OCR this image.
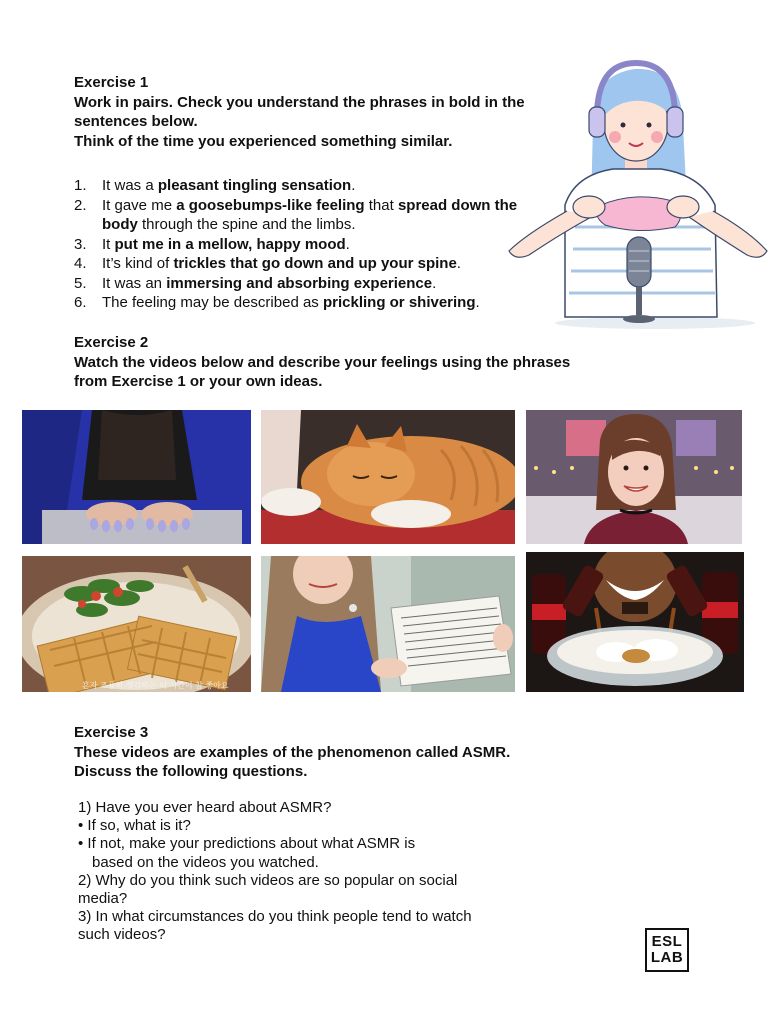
Exercise 1
Work in pairs. Check you understand the phrases in bold in the sentences below.
Think of the time you experienced something similar.
1. It was a pleasant tingling sensation.
2. It gave me a goosebumps-like feeling that spread down the body through the spine and the limbs.
3. It put me in a mellow, happy mood.
4. It’s kind of trickles that go down and up your spine.
5. It was an immersing and absorbing experience.
6. The feeling may be described as prickling or shivering.
Exercise 2
Watch the videos below and describe your feelings using the phrases from Exercise 1 or your own ideas.
혼자 조용히 생각하는 이 시간이 참 좋아요
Exercise 3
These videos are examples of the phenomenon called ASMR.
Discuss the following questions.
1) Have you ever heard about ASMR?
• If so, what is it?
• If not, make your predictions about what ASMR is
based on the videos you watched.
2) Why do you think such videos are so popular on social media?
3) In what circumstances do you think people tend to watch such videos?	ESL
LAB
